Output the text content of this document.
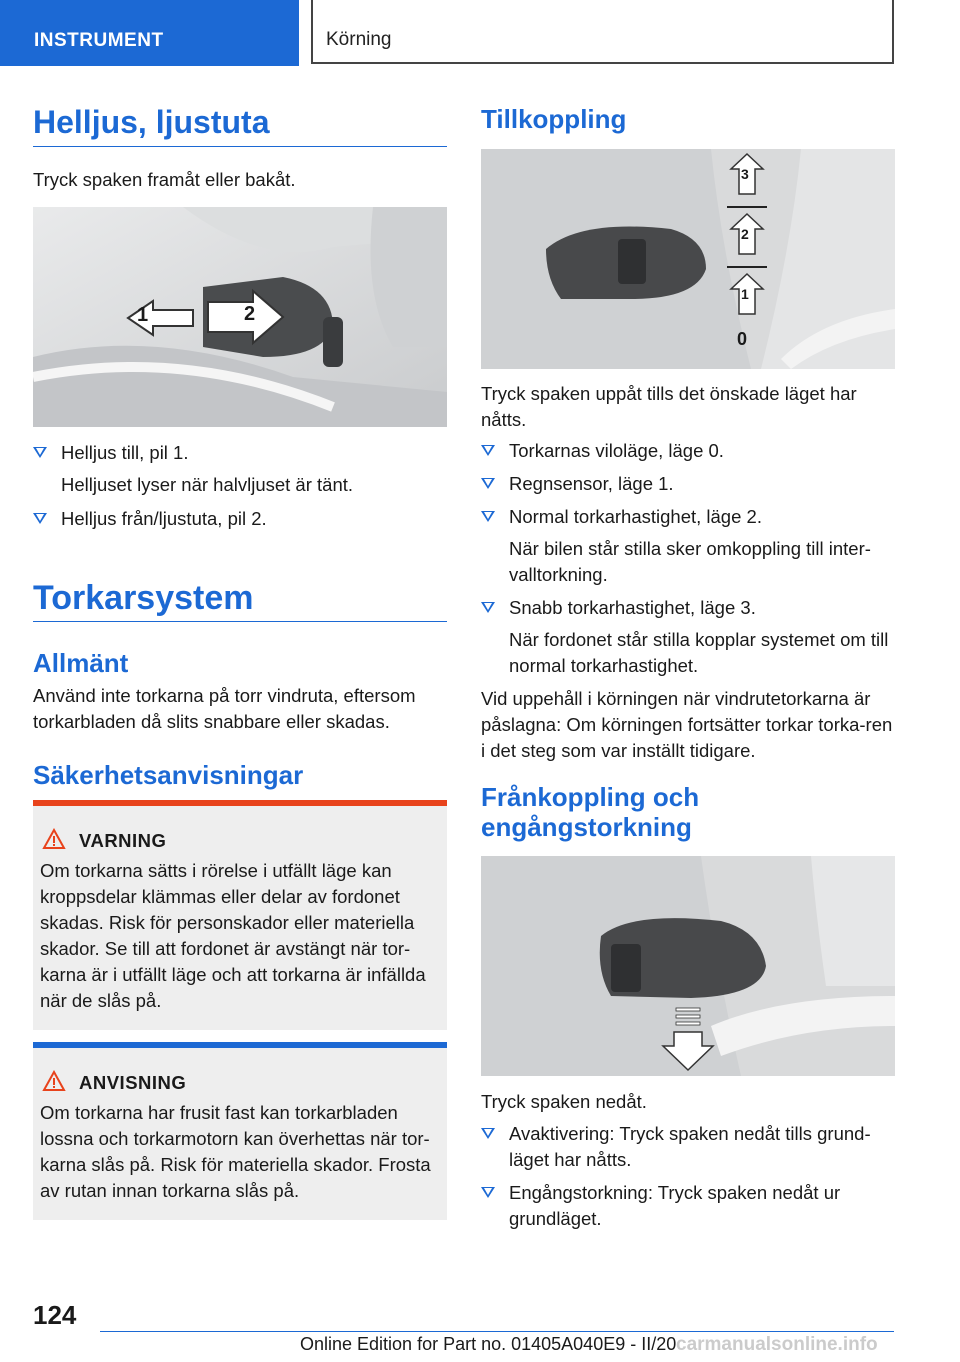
INSTRUMENT	Körning
Helljus, ljustuta
Tryck spaken framåt eller bakåt.
1	2
Helljus till, pil 1.
Helljuset lyser när halvljuset är tänt.
Helljus från/ljustuta, pil 2.
Torkarsystem
Allmänt
Använd inte torkarna på torr vindruta, eftersom torkarbladen då slits snabbare eller skadas.
Säkerhetsanvisningar
VARNING
Om torkarna sätts i rörelse i utfällt läge kan kroppsdelar klämmas eller delar av fordonet skadas. Risk för personskador eller materiella skador. Se till att fordonet är avstängt när tor-karna är i utfällt läge och att torkarna är infällda när de slås på.
ANVISNING
Om torkarna har frusit fast kan torkarbladen lossna och torkarmotorn kan överhettas när tor-karna slås på. Risk för materiella skador. Frosta av rutan innan torkarna slås på.
Tillkoppling
3
2
1
0
Tryck spaken uppåt tills det önskade läget har nåtts.
Torkarnas viloläge, läge 0.
Regnsensor, läge 1.
Normal torkarhastighet, läge 2.
När bilen står stilla sker omkoppling till inter-valltorkning.
Snabb torkarhastighet, läge 3.
När fordonet står stilla kopplar systemet om till normal torkarhastighet.
Vid uppehåll i körningen när vindrutetorkarna är påslagna: Om körningen fortsätter torkar torka-ren i det steg som var inställt tidigare.
Frånkoppling och engångstorkning
Tryck spaken nedåt.
Avaktivering: Tryck spaken nedåt tills grund-läget har nåtts.
Engångstorkning: Tryck spaken nedåt ur grundläget.
124
Online Edition for Part no. 01405A040E9 - II/20 carmanualsonline.info
